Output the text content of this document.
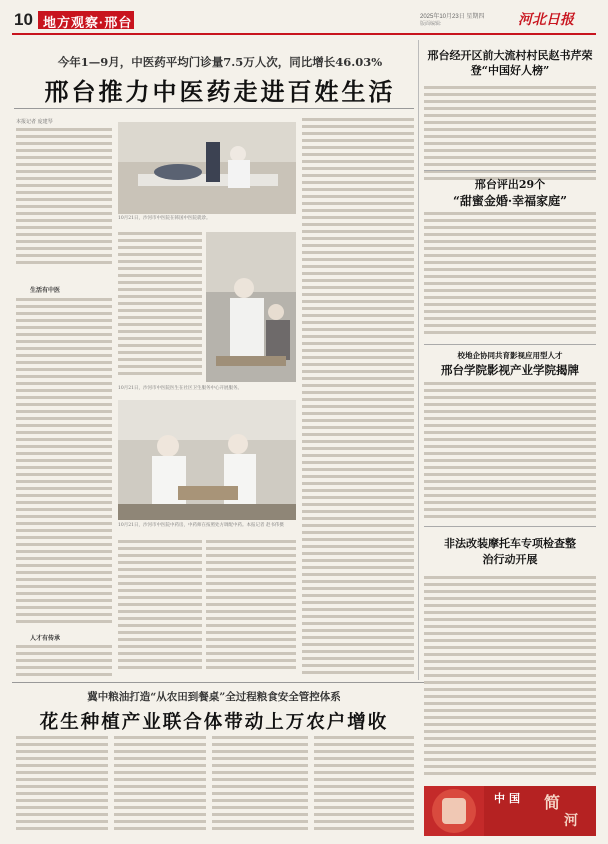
10 地方观察·邢台	2025年10月23日 星期四
版面编辑:	河北日报
今年1—9月，中医药平均门诊量7.5万人次，同比增长46.03%
邢台推力中医药走进百姓生活
本报记者 庞建琴
生活有中医
人才有传承
10月21日，沙河市中医院在韩国中医院就诊。
10月21日，沙河市中医院医生在社区卫生服务中心开展服务。
10月21日，沙河市中医院中药房，中药师在按照处方调配中药。本报记者 赵书伟摄
邢台经开区前大流村村民赵书芹荣登“中国好人榜”
邢台评出29个
“甜蜜金婚·幸福家庭”
校地企协同共育影视应用型人才
邢台学院影视产业学院揭牌
非法改装摩托车专项检查整治行动开展
冀中粮油打造“从农田到餐桌”全过程粮食安全管控体系
花生种植产业联合体带动上万农户增收
中国 简
河
